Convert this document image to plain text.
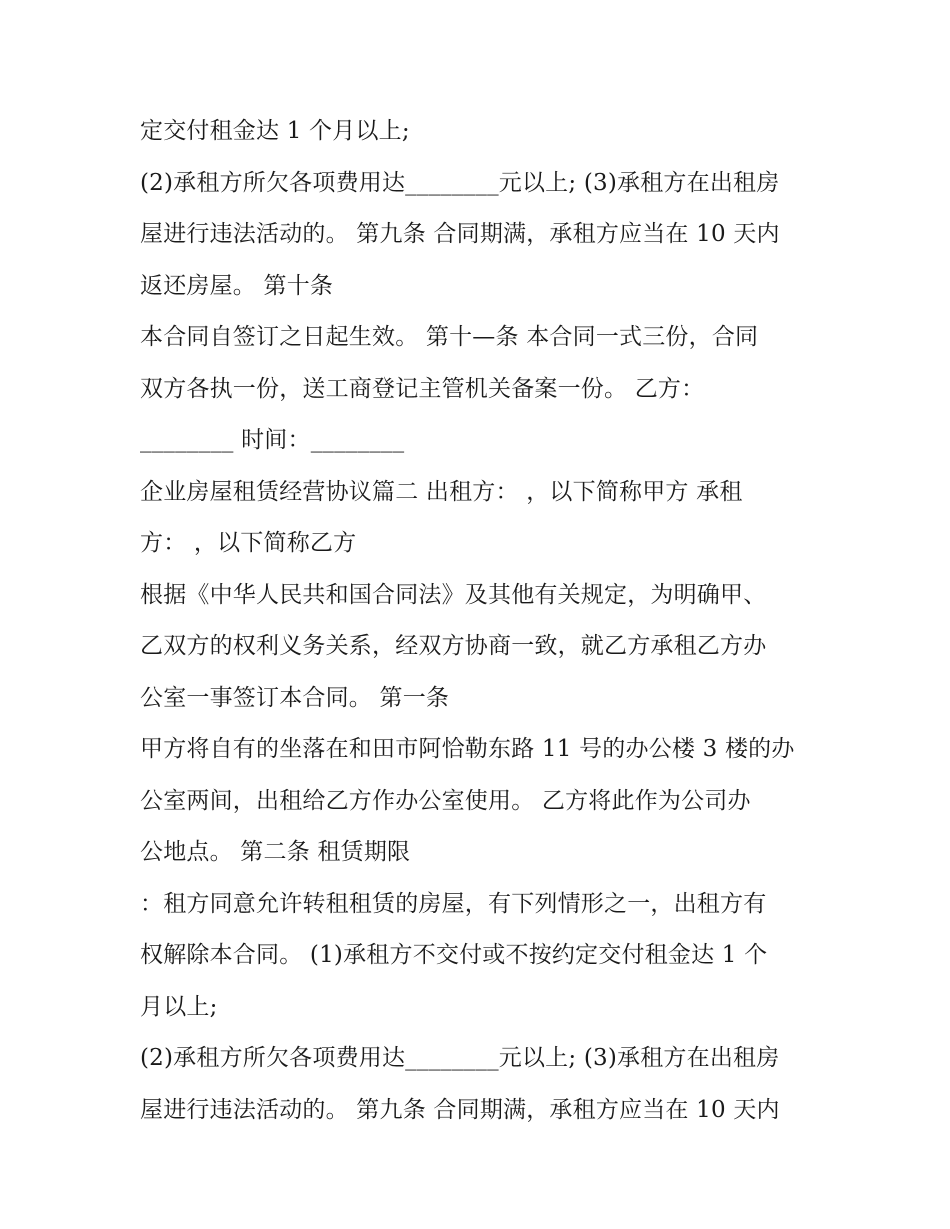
定交付租金达 1 个月以上;
(2)承租方所欠各项费用达________元以上; (3)承租方在出租房
屋进行违法活动的。 第九条 合同期满，承租方应当在 10 天内
返还房屋。 第十条
本合同自签订之日起生效。 第十—条 本合同一式三份，合同
双方各执一份，送工商登记主管机关备案一份。 乙方：
________ 时间：________
企业房屋租赁经营协议篇二 出租方： ，以下简称甲方 承租
方： ，以下简称乙方
根据《中华人民共和国合同法》及其他有关规定，为明确甲、
乙双方的权利义务关系，经双方协商一致，就乙方承租乙方办
公室一事签订本合同。 第一条
甲方将自有的坐落在和田市阿恰勒东路 11 号的办公楼 3 楼的办
公室两间，出租给乙方作办公室使用。 乙方将此作为公司办
公地点。 第二条 租赁期限
：租方同意允许转租租赁的房屋，有下列情形之一，出租方有
权解除本合同。 (1)承租方不交付或不按约定交付租金达 1 个
月以上;
(2)承租方所欠各项费用达________元以上; (3)承租方在出租房
屋进行违法活动的。 第九条 合同期满，承租方应当在 10 天内
